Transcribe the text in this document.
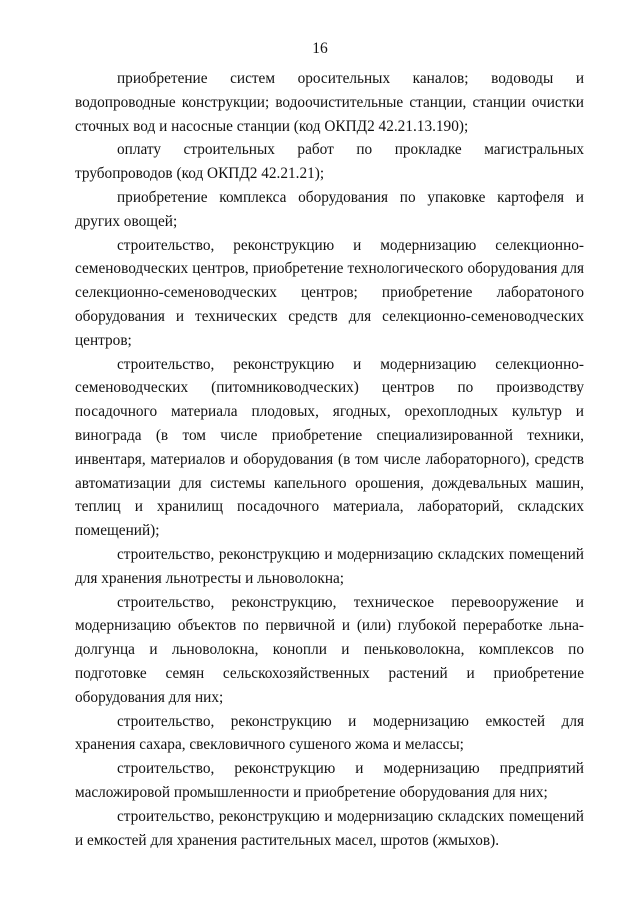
16

приобретение систем оросительных каналов; водоводы и водопроводные конструкции; водоочистительные станции, станции очистки сточных вод и насосные станции (код ОКПД2 42.21.13.190);

оплату строительных работ по прокладке магистральных трубопроводов (код ОКПД2 42.21.21);

приобретение комплекса оборудования по упаковке картофеля и других овощей;

строительство, реконструкцию и модернизацию селекционно-семеноводческих центров, приобретение технологического оборудования для селекционно-семеноводческих центров; приобретение лаборатоного оборудования и технических средств для селекционно-семеноводческих центров;

строительство, реконструкцию и модернизацию селекционно-семеноводческих (питомниководческих) центров по производству посадочного материала плодовых, ягодных, орехоплодных культур и винограда (в том числе приобретение специализированной техники, инвентаря, материалов и оборудования (в том числе лабораторного), средств автоматизации для системы капельного орошения, дождевальных машин, теплиц и хранилищ посадочного материала, лабораторий, складских помещений);

строительство, реконструкцию и модернизацию складских помещений для хранения льнотресты и льноволокна;

строительство, реконструкцию, техническое перевооружение и модернизацию объектов по первичной и (или) глубокой переработке льна-долгунца и льноволокна, конопли и пеньковолокна, комплексов по подготовке семян сельскохозяйственных растений и приобретение оборудования для них;

строительство, реконструкцию и модернизацию емкостей для хранения сахара, свекловичного сушеного жома и мелассы;

строительство, реконструкцию и модернизацию предприятий масложировой промышленности и приобретение оборудования для них;

строительство, реконструкцию и модернизацию складских помещений и емкостей для хранения растительных масел, шротов (жмыхов).
